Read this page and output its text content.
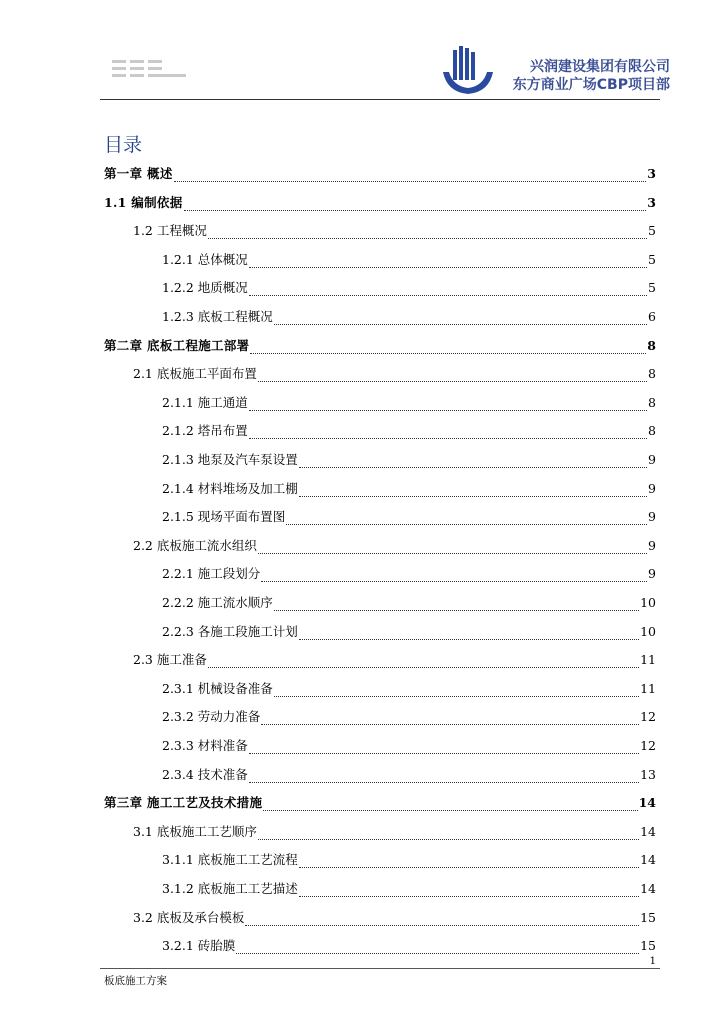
兴润建设集团有限公司
东方商业广场CBP项目部
目录
第一章 概述	3
1.1 编制依据	3
1.2 工程概况	5
1.2.1 总体概况	5
1.2.2 地质概况	5
1.2.3 底板工程概况	6
第二章 底板工程施工部署	8
2.1 底板施工平面布置	8
2.1.1 施工通道	8
2.1.2 塔吊布置	8
2.1.3 地泵及汽车泵设置	9
2.1.4 材料堆场及加工棚	9
2.1.5 现场平面布置图	9
2.2 底板施工流水组织	9
2.2.1 施工段划分	9
2.2.2 施工流水顺序	10
2.2.3 各施工段施工计划	10
2.3 施工准备	11
2.3.1 机械设备准备	11
2.3.2 劳动力准备	12
2.3.3 材料准备	12
2.3.4 技术准备	13
第三章 施工工艺及技术措施	14
3.1 底板施工工艺顺序	14
3.1.1 底板施工工艺流程	14
3.1.2 底板施工工艺描述	14
3.2 底板及承台模板	15
3.2.1 砖胎膜	15
1
板底施工方案
